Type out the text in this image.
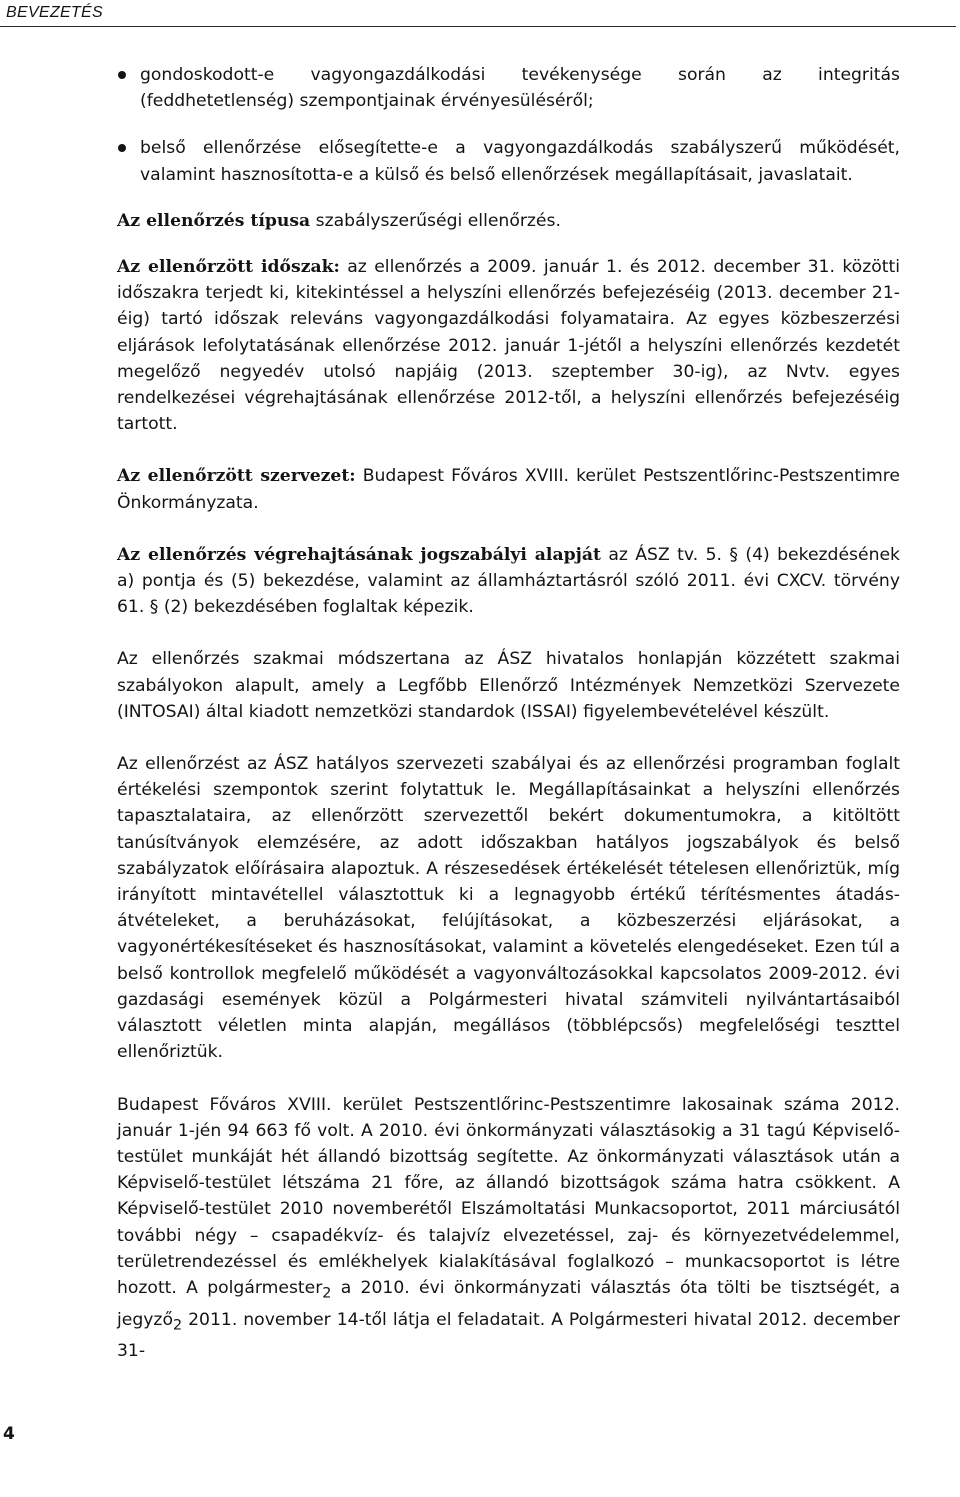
BEVEZETÉS
gondoskodott-e vagyongazdálkodási tevékenysége során az integritás (feddhetetlenség) szempontjainak érvényesüléséről;
belső ellenőrzése elősegítette-e a vagyongazdálkodás szabályszerű működését, valamint hasznosította-e a külső és belső ellenőrzések megállapításait, javaslatait.

Az ellenőrzés típusa szabályszerűségi ellenőrzés.

Az ellenőrzött időszak: az ellenőrzés a 2009. január 1. és 2012. december 31. közötti időszakra terjedt ki, kitekintéssel a helyszíni ellenőrzés befejezéséig (2013. december 21-éig) tartó időszak releváns vagyongazdálkodási folyamataira. Az egyes közbeszerzési eljárások lefolytatásának ellenőrzése 2012. január 1-jétől a helyszíni ellenőrzés kezdetét megelőző negyedév utolsó napjáig (2013. szeptember 30-ig), az Nvtv. egyes rendelkezései végrehajtásának ellenőrzése 2012-től, a helyszíni ellenőrzés befejezéséig tartott.

Az ellenőrzött szervezet: Budapest Főváros XVIII. kerület Pestszentlőrinc-Pestszentimre Önkormányzata.

Az ellenőrzés végrehajtásának jogszabályi alapját az ÁSZ tv. 5. § (4) bekezdésének a) pontja és (5) bekezdése, valamint az államháztartásról szóló 2011. évi CXCV. törvény 61. § (2) bekezdésében foglaltak képezik.

Az ellenőrzés szakmai módszertana az ÁSZ hivatalos honlapján közzétett szakmai szabályokon alapult, amely a Legfőbb Ellenőrző Intézmények Nemzetközi Szervezete (INTOSAI) által kiadott nemzetközi standardok (ISSAI) figyelembevételével készült.

Az ellenőrzést az ÁSZ hatályos szervezeti szabályai és az ellenőrzési programban foglalt értékelési szempontok szerint folytattuk le. Megállapításainkat a helyszíni ellenőrzés tapasztalataira, az ellenőrzött szervezettől bekért dokumentumokra, a kitöltött tanúsítványok elemzésére, az adott időszakban hatályos jogszabályok és belső szabályzatok előírásaira alapoztuk. A részesedések értékelését tételesen ellenőriztük, míg irányított mintavétellel választottuk ki a legnagyobb értékű térítésmentes átadás-átvételeket, a beruházásokat, felújításokat, a közbeszerzési eljárásokat, a vagyonértékesítéseket és hasznosításokat, valamint a követelés elengedéseket. Ezen túl a belső kontrollok megfelelő működését a vagyonváltozásokkal kapcsolatos 2009-2012. évi gazdasági események közül a Polgármesteri hivatal számviteli nyilvántartásaiból választott véletlen minta alapján, megállásos (többlépcsős) megfelelőségi teszttel ellenőriztük.

Budapest Főváros XVIII. kerület Pestszentlőrinc-Pestszentimre lakosainak száma 2012. január 1-jén 94 663 fő volt. A 2010. évi önkormányzati választásokig a 31 tagú Képviselő-testület munkáját hét állandó bizottság segítette. Az önkormányzati választások után a Képviselő-testület létszáma 21 főre, az állandó bizottságok száma hatra csökkent. A Képviselő-testület 2010 novemberétől Elszámoltatási Munkacsoportot, 2011 márciusától további négy – csapadékvíz- és talajvíz elvezetéssel, zaj- és környezetvédelemmel, területrendezéssel és emlékhelyek kialakításával foglalkozó – munkacsoportot is létre hozott. A polgármester$_2$ a 2010. évi önkormányzati választás óta tölti be tisztségét, a jegyző$_2$ 2011. november 14-től látja el feladatait. A Polgármesteri hivatal 2012. december 31-

4
